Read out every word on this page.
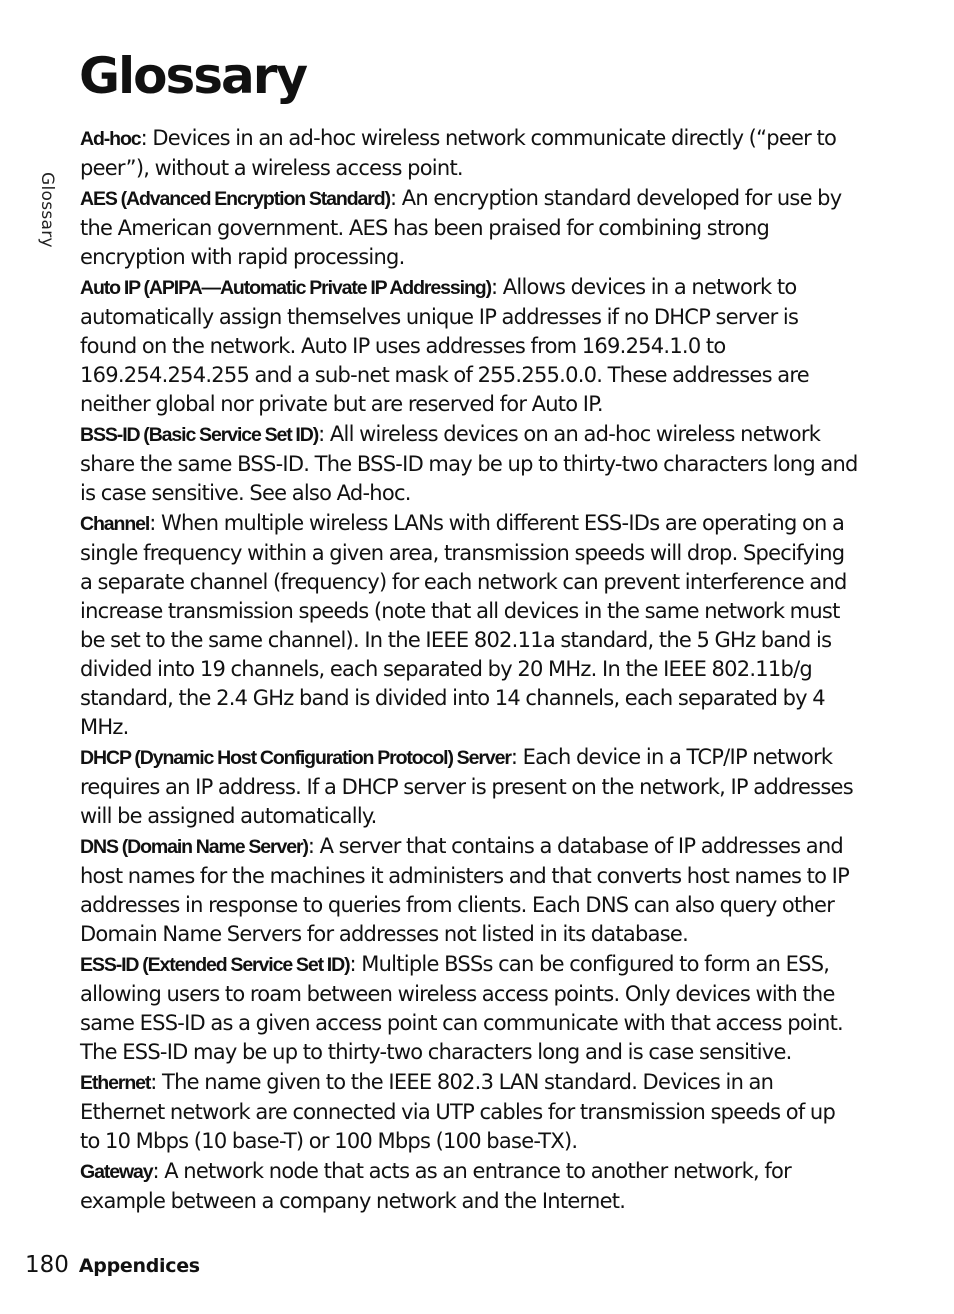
Glossary
Glossary

Ad-hoc: Devices in an ad-hoc wireless network communicate directly (“peer to peer”), without a wireless access point.

AES (Advanced Encryption Standard): An encryption standard developed for use by the American government. AES has been praised for combining strong encryption with rapid processing.

Auto IP (APIPA—Automatic Private IP Addressing): Allows devices in a network to automatically assign themselves unique IP addresses if no DHCP server is found on the network. Auto IP uses addresses from 169.254.1.0 to 169.254.254.255 and a sub-net mask of 255.255.0.0. These addresses are neither global nor private but are reserved for Auto IP.

BSS-ID (Basic Service Set ID): All wireless devices on an ad-hoc wireless network share the same BSS-ID. The BSS-ID may be up to thirty-two characters long and is case sensitive. See also Ad-hoc.

Channel: When multiple wireless LANs with different ESS-IDs are operating on a single frequency within a given area, transmission speeds will drop. Specifying a separate channel (frequency) for each network can prevent interference and increase transmission speeds (note that all devices in the same network must be set to the same channel). In the IEEE 802.11a standard, the 5 GHz band is divided into 19 channels, each separated by 20 MHz. In the IEEE 802.11b/g standard, the 2.4 GHz band is divided into 14 channels, each separated by 4 MHz.

DHCP (Dynamic Host Configuration Protocol) Server: Each device in a TCP/IP network requires an IP address. If a DHCP server is present on the network, IP addresses will be assigned automatically.

DNS (Domain Name Server): A server that contains a database of IP addresses and host names for the machines it administers and that converts host names to IP addresses in response to queries from clients. Each DNS can also query other Domain Name Servers for addresses not listed in its database.

ESS-ID (Extended Service Set ID): Multiple BSSs can be configured to form an ESS, allowing users to roam between wireless access points. Only devices with the same ESS-ID as a given access point can communicate with that access point. The ESS-ID may be up to thirty-two characters long and is case sensitive.

Ethernet: The name given to the IEEE 802.3 LAN standard. Devices in an Ethernet network are connected via UTP cables for transmission speeds of up to 10 Mbps (10 base-T) or 100 Mbps (100 base-TX).

Gateway: A network node that acts as an entrance to another network, for example between a company network and the Internet.

180 Appendices
